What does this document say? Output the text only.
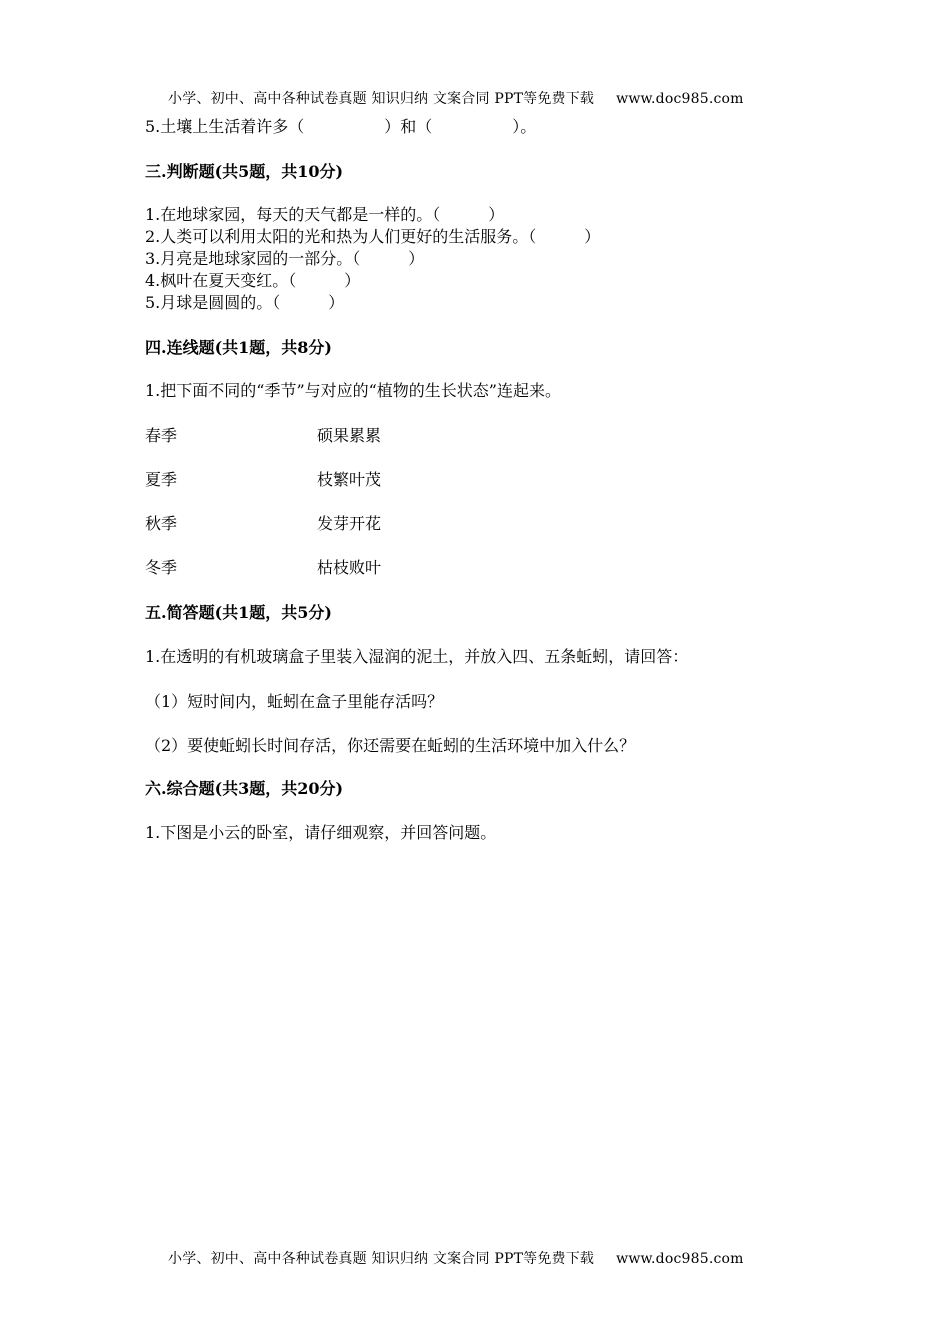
小学、初中、高中各种试卷真题 知识归纳 文案合同 PPT等免费下载 www.doc985.com
5.土壤上生活着许多（　　　　　）和（　　　　　）。
三.判断题(共5题，共10分)
1.在地球家园，每天的天气都是一样的。（　　　）
2.人类可以利用太阳的光和热为人们更好的生活服务。（　　　）
3.月亮是地球家园的一部分。（　　　）
4.枫叶在夏天变红。（　　　）
5.月球是圆圆的。（　　　）
四.连线题(共1题，共8分)
1.把下面不同的“季节”与对应的“植物的生长状态”连起来。
春季	硕果累累
夏季	枝繁叶茂
秋季	发芽开花
冬季	枯枝败叶
五.简答题(共1题，共5分)
1.在透明的有机玻璃盒子里装入湿润的泥土，并放入四、五条蚯蚓，请回答：
（1）短时间内，蚯蚓在盒子里能存活吗？
（2）要使蚯蚓长时间存活，你还需要在蚯蚓的生活环境中加入什么？
六.综合题(共3题，共20分)
1.下图是小云的卧室，请仔细观察，并回答问题。
小学、初中、高中各种试卷真题 知识归纳 文案合同 PPT等免费下载 www.doc985.com
